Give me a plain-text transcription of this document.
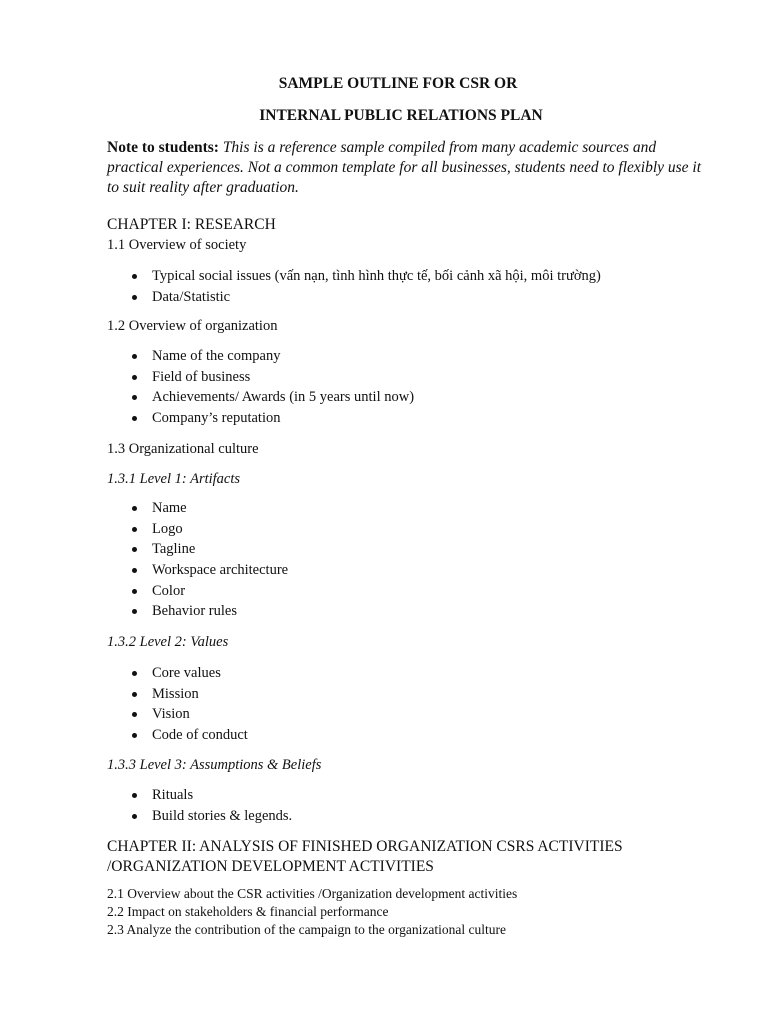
SAMPLE OUTLINE FOR CSR OR

INTERNAL PUBLIC RELATIONS PLAN

Note to students: This is a reference sample compiled from many academic sources and practical experiences. Not a common template for all businesses, students need to flexibly use it to suit reality after graduation.
CHAPTER I: RESEARCH
1.1 Overview of society
Typical social issues (vấn nạn, tình hình thực tế, bối cảnh xã hội, môi trường)
Data/Statistic
1.2 Overview of organization
Name of the company
Field of business
Achievements/ Awards (in 5 years until now)
Company’s reputation
1.3 Organizational culture
1.3.1 Level 1: Artifacts
Name
Logo
Tagline
Workspace architecture
Color
Behavior rules
1.3.2 Level 2: Values
Core values
Mission
Vision
Code of conduct
1.3.3 Level 3: Assumptions & Beliefs
Rituals
Build stories & legends.
CHAPTER II: ANALYSIS OF FINISHED ORGANIZATION CSRS ACTIVITIES /ORGANIZATION DEVELOPMENT ACTIVITIES
2.1 Overview about the CSR activities /Organization development activities
2.2 Impact on stakeholders & financial performance
2.3 Analyze the contribution of the campaign to the organizational culture
